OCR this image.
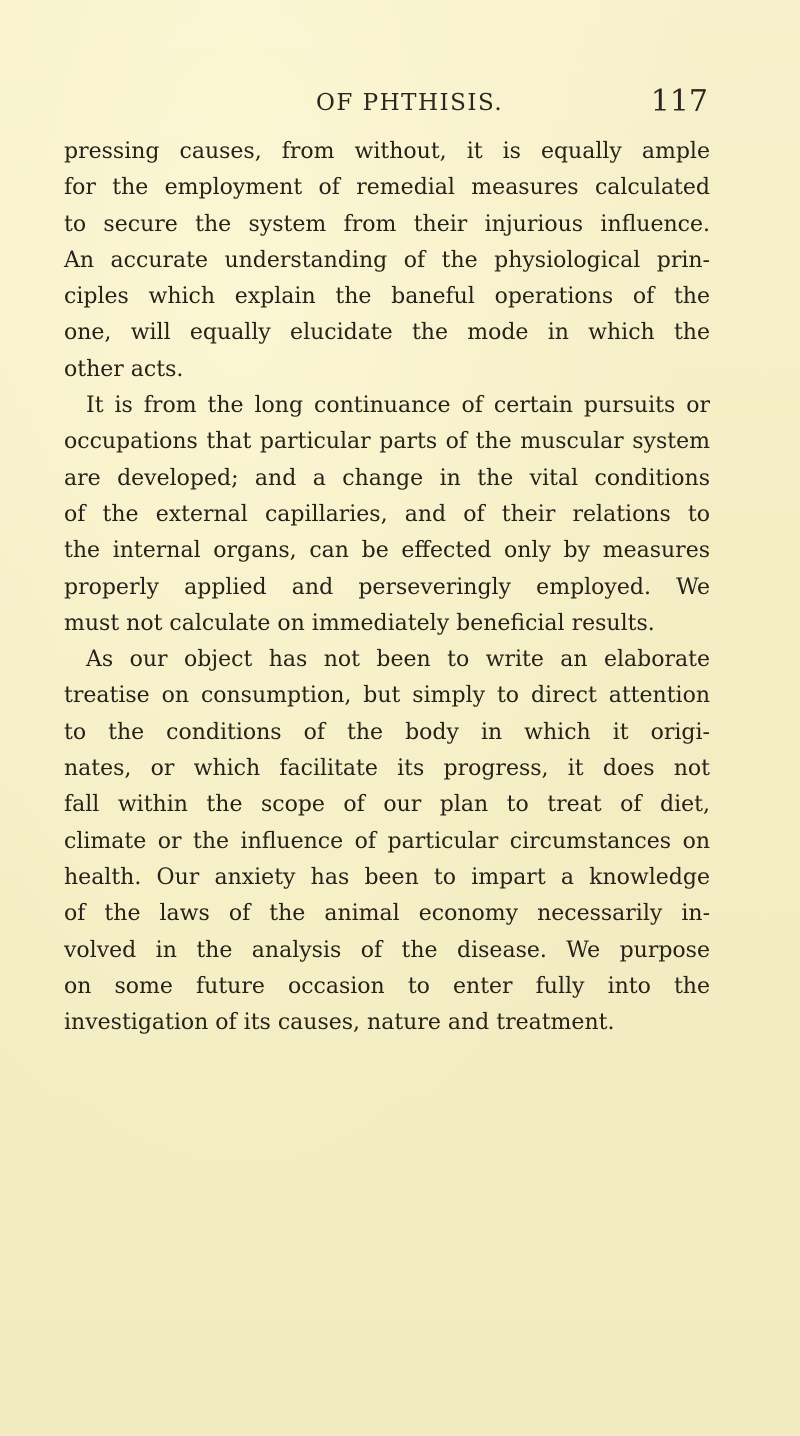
OF PHTHISIS.	117
pressing causes, from without, it is equally ample
for the employment of remedial measures calculated
to secure the system from their injurious influence.
An accurate understanding of the physiological prin-
ciples which explain the baneful operations of the
one, will equally elucidate the mode in which the
other acts.
It is from the long continuance of certain pursuits or
occupations that particular parts of the muscular system
are developed; and a change in the vital conditions
of the external capillaries, and of their relations to
the internal organs, can be effected only by measures
properly applied and perseveringly employed. We
must not calculate on immediately beneficial results.
As our object has not been to write an elaborate
treatise on consumption, but simply to direct attention
to the conditions of the body in which it origi-
nates, or which facilitate its progress, it does not
fall within the scope of our plan to treat of diet,
climate or the influence of particular circumstances on
health. Our anxiety has been to impart a knowledge
of the laws of the animal economy necessarily in-
volved in the analysis of the disease. We purpose
on some future occasion to enter fully into the
investigation of its causes, nature and treatment.
